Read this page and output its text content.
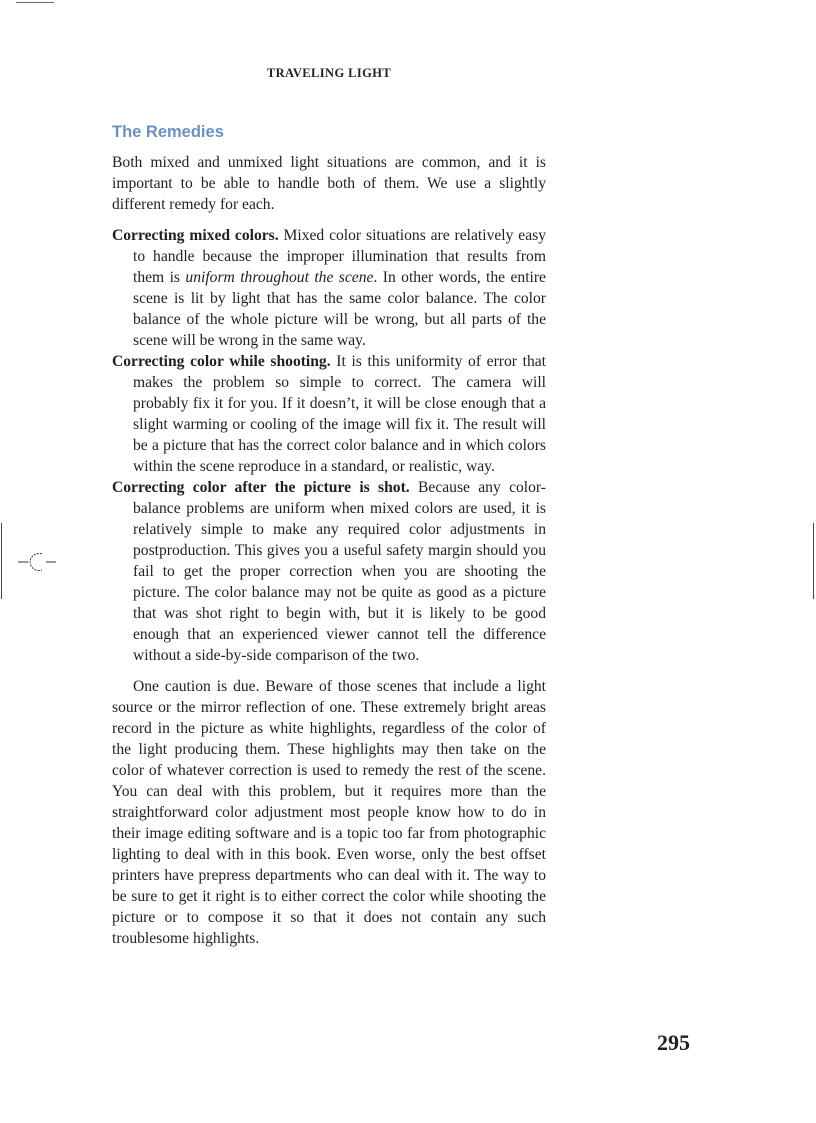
TRAVELING LIGHT
The Remedies

Both mixed and unmixed light situations are common, and it is important to be able to handle both of them. We use a slightly different remedy for each.

Correcting mixed colors. Mixed color situations are relatively easy to handle because the improper illumination that results from them is uniform throughout the scene. In other words, the entire scene is lit by light that has the same color balance. The color balance of the whole picture will be wrong, but all parts of the scene will be wrong in the same way.

Correcting color while shooting. It is this uniformity of error that makes the problem so simple to correct. The camera will probably fix it for you. If it doesn’t, it will be close enough that a slight warming or cooling of the image will fix it. The result will be a picture that has the correct color balance and in which colors within the scene reproduce in a standard, or realistic, way.

Correcting color after the picture is shot. Because any color-balance problems are uniform when mixed colors are used, it is relatively simple to make any required color adjustments in postproduction. This gives you a useful safety margin should you fail to get the proper correction when you are shooting the picture. The color balance may not be quite as good as a picture that was shot right to begin with, but it is likely to be good enough that an experienced viewer cannot tell the difference without a side-by-side comparison of the two.

One caution is due. Beware of those scenes that include a light source or the mirror reflection of one. These extremely bright areas record in the picture as white highlights, regardless of the color of the light producing them. These highlights may then take on the color of whatever correction is used to remedy the rest of the scene. You can deal with this problem, but it requires more than the straightforward color adjustment most people know how to do in their image editing software and is a topic too far from photographic lighting to deal with in this book. Even worse, only the best offset printers have prepress departments who can deal with it. The way to be sure to get it right is to either correct the color while shooting the picture or to compose it so that it does not contain any such troublesome highlights.

295
